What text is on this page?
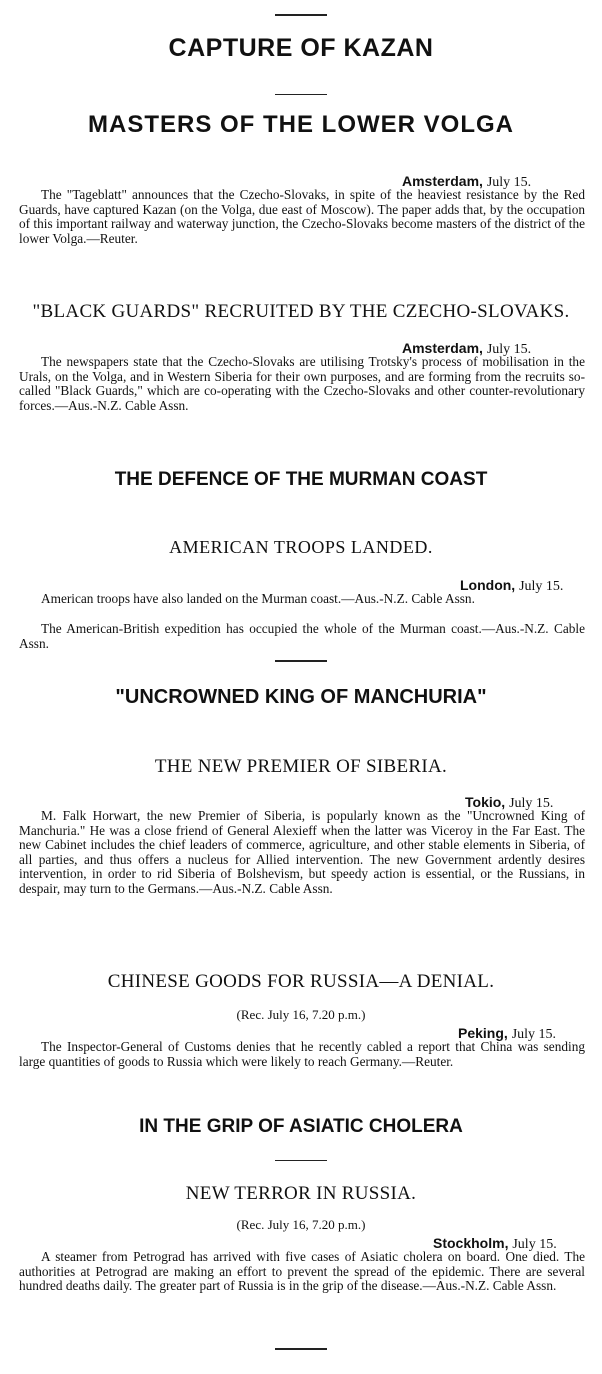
CAPTURE OF KAZAN
MASTERS OF THE LOWER VOLGA
Amsterdam, July 15.
The "Tageblatt" announces that the Czecho-Slovaks, in spite of the heaviest resistance by the Red Guards, have captured Kazan (on the Volga, due east of Moscow). The paper adds that, by the occupation of this important railway and waterway junction, the Czecho-Slovaks become masters of the district of the lower Volga.—Reuter.
"BLACK GUARDS" RECRUITED BY THE CZECHO-SLOVAKS.
Amsterdam, July 15.
The newspapers state that the Czecho-Slovaks are utilising Trotsky's process of mobilisation in the Urals, on the Volga, and in Western Siberia for their own purposes, and are forming from the recruits so-called "Black Guards," which are co-operating with the Czecho-Slovaks and other counter-revolutionary forces.—Aus.-N.Z. Cable Assn.
THE DEFENCE OF THE MURMAN COAST
AMERICAN TROOPS LANDED.
London, July 15.
American troops have also landed on the Murman coast.—Aus.-N.Z. Cable Assn.
The American-British expedition has occupied the whole of the Murman coast.—Aus.-N.Z. Cable Assn.
"UNCROWNED KING OF MANCHURIA"
THE NEW PREMIER OF SIBERIA.
Tokio, July 15.
M. Falk Horwart, the new Premier of Siberia, is popularly known as the "Uncrowned King of Manchuria." He was a close friend of General Alexieff when the latter was Viceroy in the Far East. The new Cabinet includes the chief leaders of commerce, agriculture, and other stable elements in Siberia, of all parties, and thus offers a nucleus for Allied intervention. The new Government ardently desires intervention, in order to rid Siberia of Bolshevism, but speedy action is essential, or the Russians, in despair, may turn to the Germans.—Aus.-N.Z. Cable Assn.
CHINESE GOODS FOR RUSSIA—A DENIAL.
(Rec. July 16, 7.20 p.m.)
Peking, July 15.
The Inspector-General of Customs denies that he recently cabled a report that China was sending large quantities of goods to Russia which were likely to reach Germany.—Reuter.
IN THE GRIP OF ASIATIC CHOLERA
NEW TERROR IN RUSSIA.
(Rec. July 16, 7.20 p.m.)
Stockholm, July 15.
A steamer from Petrograd has arrived with five cases of Asiatic cholera on board. One died. The authorities at Petrograd are making an effort to prevent the spread of the epidemic. There are several hundred deaths daily. The greater part of Russia is in the grip of the disease.—Aus.-N.Z. Cable Assn.
